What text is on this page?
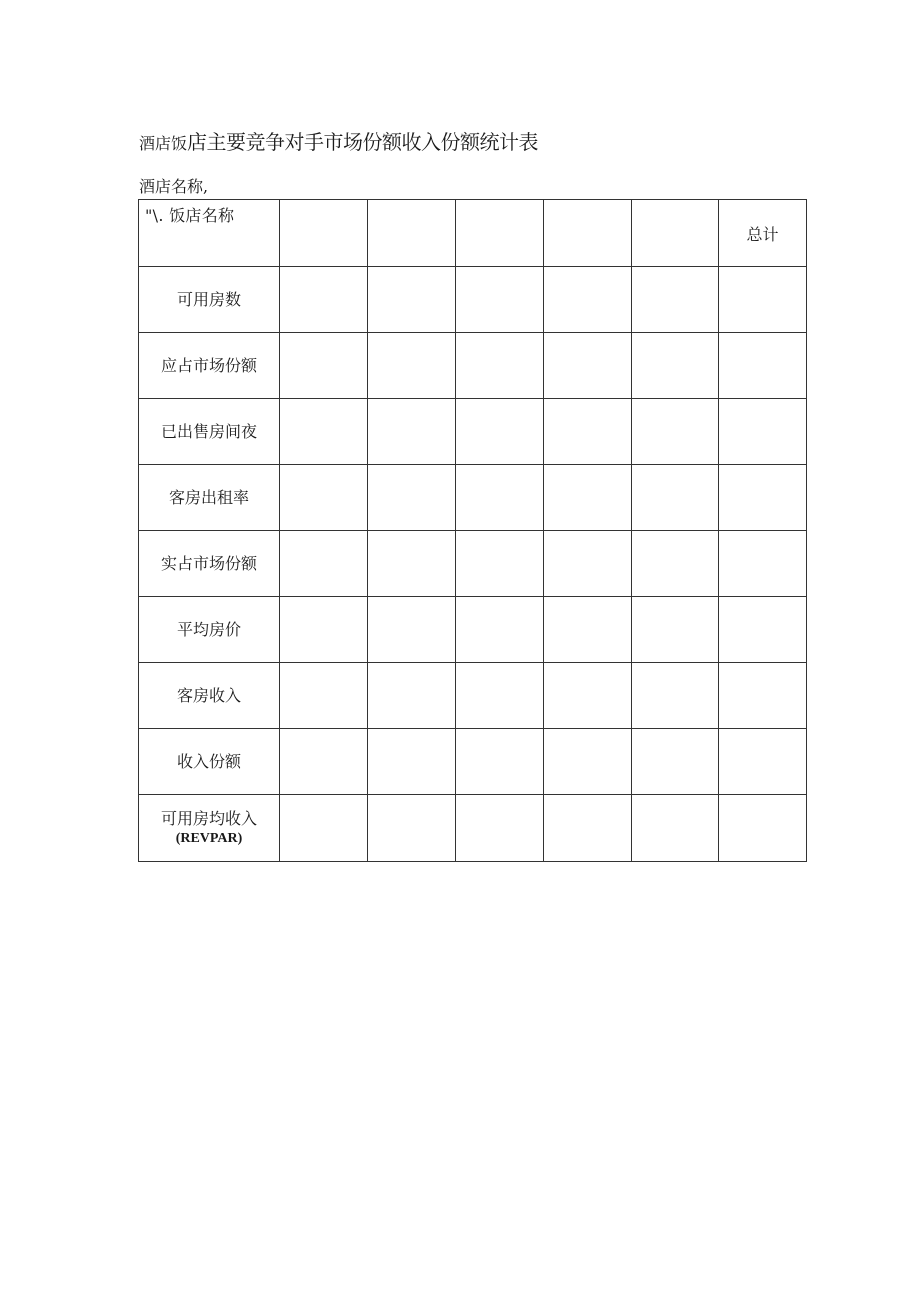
酒店饭店主要竞争对手市场份额收入份额统计表
酒店名称,
"\. 饭店名称						总计
可用房数						
应占市场份额						
已出售房间夜						
客房出租率						
实占市场份额						
平均房价						
客房收入						
收入份额						
可用房均收入
(REVPAR)						
